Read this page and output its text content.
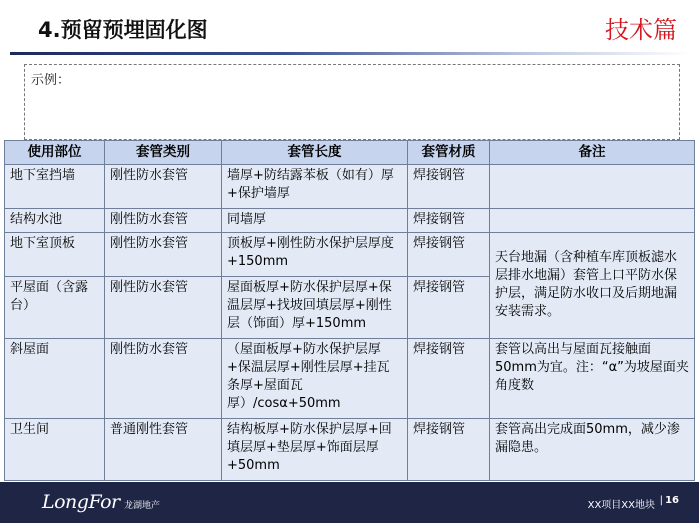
4.预留预埋固化图	技术篇
示例：
使用部位	套管类别	套管长度	套管材质	备注
地下室挡墙	刚性防水套管	墙厚+防结露苯板（如有）厚+保护墙厚	焊接钢管	
结构水池	刚性防水套管	同墙厚	焊接钢管	
地下室顶板	刚性防水套管	顶板厚+刚性防水保护层厚度+150mm	焊接钢管	天台地漏（含种植车库顶板滤水层排水地漏）套管上口平防水保护层，满足防水收口及后期地漏安装需求。
平屋面（含露台）	刚性防水套管	屋面板厚+防水保护层厚+保温层厚+找坡回填层厚+刚性层（饰面）厚+150mm	焊接钢管	
斜屋面	刚性防水套管	（屋面板厚+防水保护层厚+保温层厚+刚性层厚+挂瓦条厚+屋面瓦厚）/cosα+50mm	焊接钢管	套管以高出与屋面瓦接触面50mm为宜。注：“α”为坡屋面夹角度数
卫生间	普通刚性套管	结构板厚+防水保护层厚+回填层厚+垫层厚+饰面层厚+50mm	焊接钢管	套管高出完成面50mm，减少渗漏隐患。
LongFor 龙湖地产	XX项目XX地块 | 16
